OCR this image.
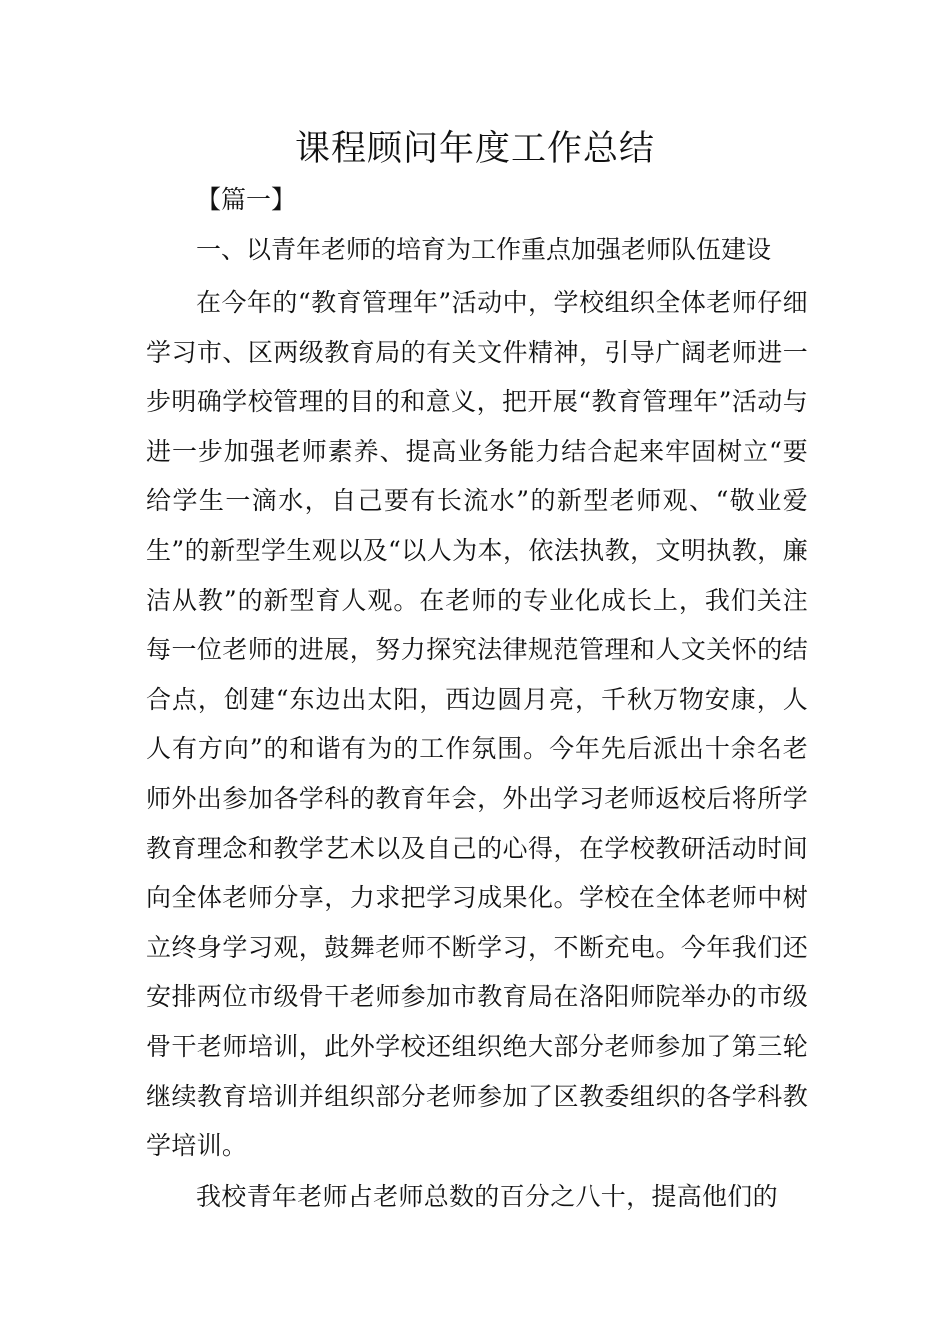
课程顾问年度工作总结
【篇一】
一、以青年老师的培育为工作重点加强老师队伍建设

在今年的“教育管理年”活动中，学校组织全体老师仔细学习市、区两级教育局的有关文件精神，引导广阔老师进一步明确学校管理的目的和意义，把开展“教育管理年”活动与进一步加强老师素养、提高业务能力结合起来牢固树立“要给学生一滴水，自己要有长流水”的新型老师观、“敬业爱生”的新型学生观以及“以人为本，依法执教，文明执教，廉洁从教”的新型育人观。在老师的专业化成长上，我们关注每一位老师的进展，努力探究法律规范管理和人文关怀的结合点，创建“东边出太阳，西边圆月亮，千秋万物安康，人人有方向”的和谐有为的工作氛围。今年先后派出十余名老师外出参加各学科的教育年会，外出学习老师返校后将所学教育理念和教学艺术以及自己的心得，在学校教研活动时间向全体老师分享，力求把学习成果化。学校在全体老师中树立终身学习观，鼓舞老师不断学习，不断充电。今年我们还安排两位市级骨干老师参加市教育局在洛阳师院举办的市级骨干老师培训，此外学校还组织绝大部分老师参加了第三轮继续教育培训并组织部分老师参加了区教委组织的各学科教学培训。

我校青年老师占老师总数的百分之八十，提高他们的
